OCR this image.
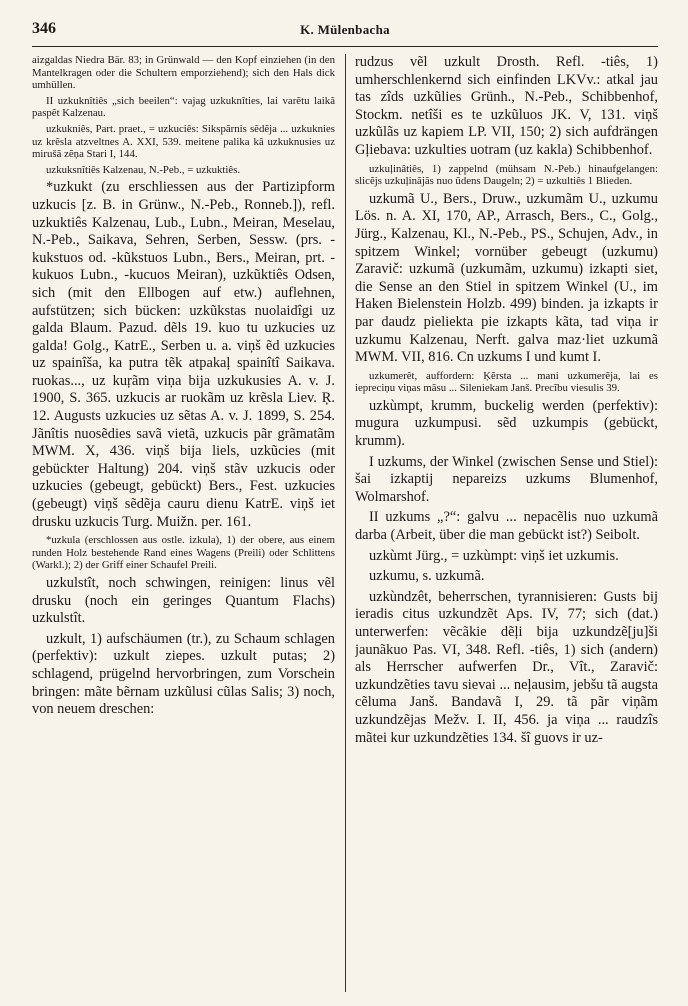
346	K. Mülenbacha

aizgaldas Niedra Bär. 83; in Grünwald — den Kopf einziehen (in den Mantelkragen oder die Schultern emporziehend); sich den Hals dick umhüllen.

II uzkuknîtiês „sich beeilen“: vajag uzkuknîties, lai varẽtu laikã paspẽt Kalzenau.

uzkukniês, Part. praet., = uzkuciês: Sikspãrnis sẽdẽja ... uzkuknies uz krẽsla atzveltnes A. XXI, 539. meitene palika kâ uzkuknusies uz mirušã zẽņa Stari I, 144.

uzkuksnîtiês Kalzenau, N.-Peb., = uzkuktiês.

*uzkukt (zu erschliessen aus der Partizipform uzkucis [z. B. in Grünw., N.-Peb., Ronneb.]), refl. uzkuktiês Kalzenau, Lub., Lubn., Meiran, Meselau, N.-Peb., Saikava, Sehren, Serben, Sessw. (prs. -kukstuos od. -kũkstuos Lubn., Bers., Meiran, prt. -kukuos Lubn., -kucuos Meiran), uzkũktiês Odsen, sich (mit den Ellbogen auf etw.) auflehnen, aufstützen; sich bücken: uzkũkstas nuolaidîgi uz galda Blaum. Pazud. dẽls 19. kuo tu uzkucies uz galda! Golg., KatrE., Serben u. a. viņš ẽd uzkucies uz spainîša, ka putra tẽk atpakaļ spainîtî Saikava. ruokas..., uz kuŗãm viņa bija uzkukusies A. v. J. 1900, S. 365. uzkucis ar ruokãm uz krẽsla Liev. Ŗ. 12. Augusts uzkucies uz sẽtas A. v. J. 1899, S. 254. Jãnîtis nuosẽdies savã vietã, uzkucis pãr grãmatãm MWM. X, 436. viņš bija liels, uzkũcies (mit gebückter Haltung) 204. viņš stãv uzkucis oder uzkucies (gebeugt, gebückt) Bers., Fest. uzkucies (gebeugt) viņš sẽdẽja cauru dienu KatrE. viņš iet drusku uzkucis Turg. Muižn. per. 161.

*uzkula (erschlossen aus ostle. izkula), 1) der obere, aus einem runden Holz bestehende Rand eines Wagens (Preili) oder Schlittens (Warkl.); 2) der Griff einer Schaufel Preili.

uzkulstît, noch schwingen, reinigen: linus vẽl drusku (noch ein geringes Quantum Flachs) uzkulstît.

uzkult, 1) aufschäumen (tr.), zu Schaum schlagen (perfektiv): uzkult ziepes. uzkult putas; 2) schlagend, prügelnd hervorbringen, zum Vorschein bringen: mãte bẽrnam uzkũlusi cũlas Salis; 3) noch, von neuem dreschen:

rudzus vẽl uzkult Drosth. Refl. -tiês, 1) umherschlenkernd sich einfinden LKVv.: atkal jau tas zîds uzkũlies Grünh., N.-Peb., Schibbenhof, Stockm. netîši es te uzkũluos JK. V, 131. viņš uzkũlãs uz kapiem LP. VII, 150; 2) sich aufdrängen Gļiebava: uzkulties uotram (uz kakla) Schibbenhof.

uzkuļinâtiês, 1) zappelnd (mühsam N.-Peb.) hinaufgelangen: slicẽjs uzkuļinãjãs nuo ũdens Daugeln; 2) = uzkultiês 1 Blieden.

uzkumã U., Bers., Druw., uzkumãm U., uzkumu Lös. n. A. XI, 170, AP., Arrasch, Bers., C., Golg., Jürg., Kalzenau, Kl., N.-Peb., PS., Schujen, Adv., in spitzem Winkel; vornüber gebeugt (uzkumu) Zaravič: uzkumã (uzkumãm, uzkumu) izkapti siet, die Sense an den Stiel in spitzem Winkel (U., im Haken Bielenstein Holzb. 499) binden. ja izkapts ir par daudz pieliekta pie izkapts kãta, tad viņa ir uzkumu Kalzenau, Nerft. galva maz·liet uzkumã MWM. VII, 816. Cn uzkums I und kumt I.

uzkumerêt, auffordern: Ķẽrsta ... mani uzkumerẽja, lai es iepreciņu viņas mãsu ... Sileniekam Janš. Precĩbu viesulis 39.

uzkùmpt, krumm, buckelig werden (perfektiv): mugura uzkumpusi. sẽd uzkumpis (gebückt, krumm).

I uzkums, der Winkel (zwischen Sense und Stiel): šai izkaptij nepareizs uzkums Blumenhof, Wolmarshof.

II uzkums „?“: galvu ... nepacẽlis nuo uzkumã darba (Arbeit, über die man gebückt ist?) Seibolt.

uzkùmt Jürg., = uzkùmpt: viņš iet uzkumis.

uzkumu, s. uzkumã.

uzkùndzêt, beherrschen, tyrannisieren: Gusts bij ieradis citus uzkundzẽt Aps. IV, 77; sich (dat.) unterwerfen: vẽcãkie dẽļi bija uzkundzẽ[ju]ši jaunãkuo Pas. VI, 348. Refl. -tiês, 1) sich (andern) als Herrscher aufwerfen Dr., Vît., Zaravič: uzkundzẽties tavu sievai ... neļausim, jebšu tã augsta cẽluma Janš. Bandavã I, 29. tã pãr viņãm uzkundzẽjas Mežv. I. II, 456. ja viņa ... raudzîs mãtei kur uzkundzẽties 134. šî guovs ir uz-
